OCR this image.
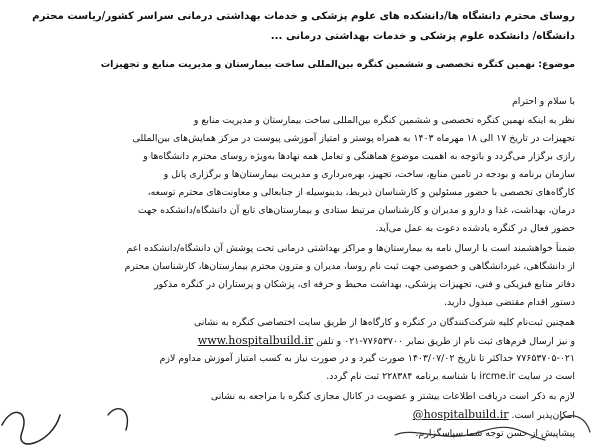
روسای محترم دانشگاه ها/دانشکده های علوم پزشکی و خدمات بهداشتی درمانی سراسر کشور/ریاست محترم

دانشگاه/ دانشکده علوم پزشکی و خدمات بهداشتی درمانی ...

موضوع: نهمین کنگره تخصصی و ششمین کنگره بین‌المللی ساخت بیمارستان و مدیریت منابع و تجهیزات

با سلام و احترام

نظر به اینکه نهمین کنگره تخصصی و ششمین کنگره بین‌المللی ساخت بیمارستان و مدیریت منابع و

تجهیزات در تاریخ ۱۷ الی ۱۸ مهرماه ۱۴۰۳ به همراه پوستر و امتیاز آموزشی پیوست در مرکز همایش‌های بین‌المللی

رازی برگزار می‌گردد و باتوجه به اهمیت موضوع هماهنگی و تعامل همه نهادها به‌ویژه روسای محترم دانشگاه‌ها و

سازمان برنامه و بودجه در تامین منابع، ساخت، تجهیز، بهره‌برداری و مدیریت بیمارستان‌ها و برگزاری پانل و

کارگاه‌های تخصصی با حضور مسئولین و کارشناسان ذیربط، بدینوسیله از جنابعالی و معاونت‌های محترم توسعه،

درمان، بهداشت، غذا و دارو و مدیران و کارشناسان مرتبط ستادی و بیمارستان‌های تابع آن دانشگاه/دانشکده جهت

حضور فعال در کنگره یادشده دعوت به عمل می‌آید.

ضمناً خواهشمند است با ارسال نامه به بیمارستان‌ها و مراکز بهداشتی درمانی تحت پوشش آن دانشگاه/دانشکده اعم

از دانشگاهی، غیردانشگاهی و خصوصی جهت ثبت نام روسا، مدیران و مترون محترم بیمارستان‌ها، کارشناسان محترم

دفاتر منابع فیزیکی و فنی، تجهیزات پزشکی، بهداشت محیط و حرفه ای، پزشکان و پرستاران در کنگره مذکور

دستور اقدام مقتضی مبذول دارید.

همچنین ثبت‌نام کلیه شرکت‌کنندگان در کنگره و کارگاه‌ها از طریق سایت اختصاصی کنگره به نشانی

و نیز ارسال فرم‌های ثبت نام از طریق نمابر ۷۷۶۵۳۷۰۰-۰۲۱ و تلفن www.hospitalbuild.ir

۷۷۶۵۳۷۰۵-۰۲۱ حداکثر تا تاریخ ۱۴۰۳/۰۷/۰۲ صورت گیرد و در صورت نیاز به کسب امتیاز آموزش مداوم لازم

است در سایت ircme.ir با شناسه برنامه ۲۲۸۳۸۴ ثبت نام گردد.

لازم به ذکر است دریافت اطلاعات بیشتر و عضویت در کانال مجازی کنگره با مراجعه به نشانی

امکان‌پذیر است. @hospitalbuild.ir

پیشاپیش از حسن توجه شما سپاسگزارم.
